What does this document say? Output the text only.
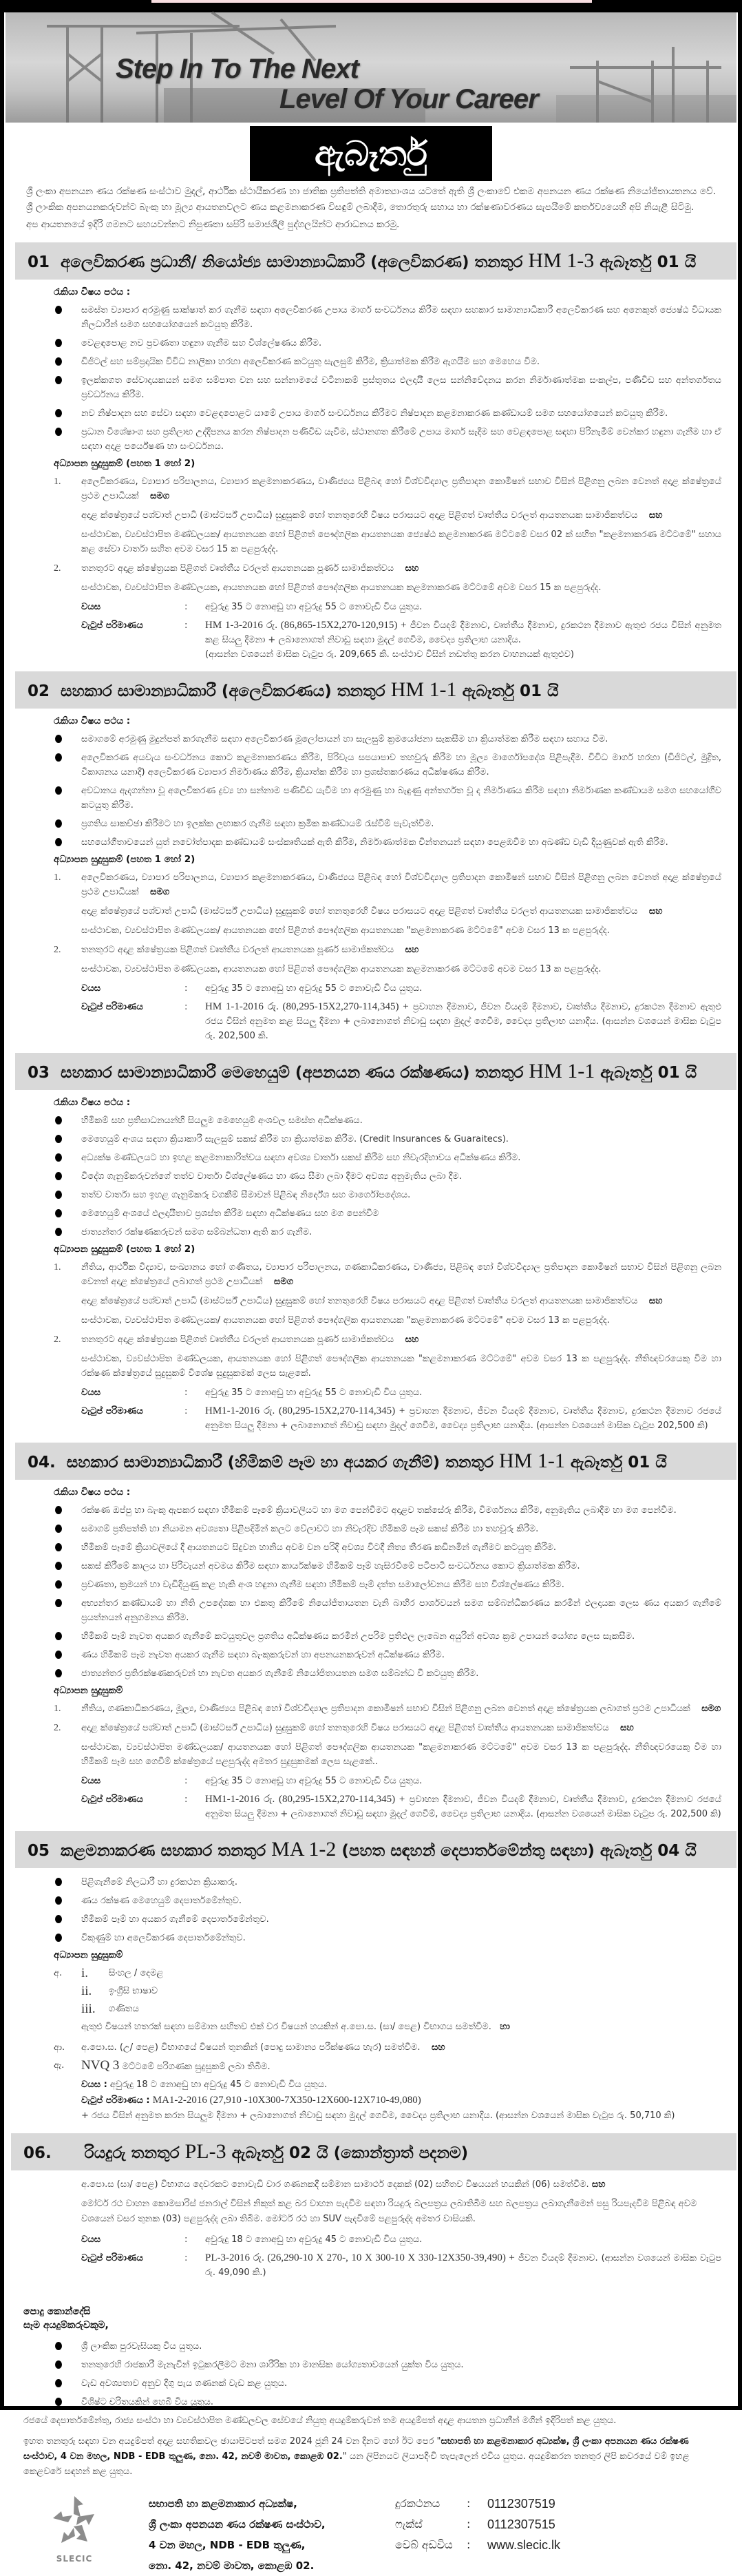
Step In To The Next
Level Of Your Career
ඇබෑර්තු

ශ්‍රී ලංකා අපනයන ණය රක්ෂණ සංස්ථාව මුදල්, ආර්ථික ස්ථායීකරණ හා ජාතික ප්‍රතිපත්ති අමාත්‍යාංශය යටතේ ඇති ශ්‍රී ලංකාවේ එකම අපනයන ණය රක්ෂණ නියෝජිතායතනය වේ. ශ්‍රී ලාංකික අපනයනකරුවන්ට බැංකු හා මූල්‍ය ආයතනවලට ණය කළමනාකරණ විසඳුම් ලබාදීම, තොරතුරු සහාය හා රක්ෂණාවරණය සැපයීමේ කර්තව්‍යයෙහි අපි නියැළී සිටිමු.

අප ආයතනයේ ඉදිරි ගමනට සහයවන්නට නිපුණතා සපිරි සමාජශීලී පුද්ගලයින්ට ආරාධනය කරමු.

01 අලෙවිකරණ ප්‍රධානී/ නියෝජ්‍ය සාමාන්‍යාධිකාරී (අලෙවිකරණ) තනතුර HM 1-3 ඇබෑර්තු 01 යි
රැකියා විෂය පථය :
සමස්ත ව්‍යාපාර අරමුණු සාක්ෂාත් කර ගැනීම සඳහා අලෙවිකරණ උපාය මාර්ග සංවර්ධනය කිරීම සඳහා සහකාර සාමාන්‍යාධිකාරී අලෙවිකරණ සහ අනෙකුත් ජ්‍යෙෂ්ඨ විධායක නිලධාරීන් සමග සහයෝගයෙන් කටයුතු කිරීම.
වෙළඳපොළ නව ප්‍රවණතා හඳුනා ගැනීම සහ විශ්ලේෂණය කිරීම.
ඩිජිටල් සහ සම්ප්‍රදායික විවිධ නාලිකා හරහා අලෙවිකරණ කටයුතු සැලසුම් කිරීම, ක්‍රියාත්මක කිරීම ඇගයීම සහ මෙහෙය වීම.
ඉලක්කගත සේවාදායකයන් සමග සම්පාත වන සහ සන්නාමයේ වටිනාකම් ප්‍රස්තුතය ඵලදායී ලෙස සන්නිවේදනය කරන නිර්මාණාත්මක සංකල්ප, පණිවිඩ සහ අන්තර්ගතය ප්‍රවර්ධනය කිරීම.
නව නිෂ්පාදන සහ සේවා සඳහා වෙළඳපොළට යාමේ උපාය මාර්ග සංවර්ධනය කිරීමට නිෂ්පාදන කළමනාකරණ කණ්ඩායම් සමග සහයෝගයෙන් කටයුතු කිරීම.
ප්‍රධාන විශේෂාංග සහ ප්‍රතිලාභ උද්දීපනය කරන නිෂ්පාදන පණිවිඩ යැවීම, ස්ථානගත කිරීමේ උපාය මාර්ග සැදීම සහ වෙළඳපොළ සඳහා පිරිනැමීම් වෙන්කර හඳුනා ගැනීම හා ඒ සඳහා අදාළ පර්යේෂණ හා සංවර්ධනය.
අධ්‍යාපන සුදුසුකම් (පහත 1 හෝ 2)
1. අලෙවිකරණය, ව්‍යාපාර පරිපාලනය, ව්‍යාපාර කළමනාකරණය, වාණිජ්‍යය පිළිබඳ හෝ විශ්වවිද්‍යාල ප්‍රතිපාදන කොමිෂන් සභාව විසින් පිළිගනු ලබන වෙනත් අදාළ ක්ෂේත්‍රයේ ප්‍රථම උපාධියක් සමග

අදාළ ක්ෂේත්‍රයේ පශ්චාත් උපාධි (මාස්ටර්ස් උපාධිය) සුදුසුකම් හෝ තනතුරෙහි විෂය පරාසයට අදාළ පිළිගත් වෘත්තීය වරලත් ආයතනයක සාමාජිකත්වය සහ

සංස්ථාවක, ව්‍යවස්ථාපිත මණ්ඩලයක/ ආයතනයක හෝ පිළිගත් පෞද්ගලික ආයතනයක ජ්‍යෙෂ්ඨ කළමනාකරණ මට්ටමේ වසර 02 ක් සහිත "කළමනාකරණ මට්ටමේ" සහාය කළ සේවා වාර්තා සහිත අවම වසර 15 ක පළපුරුද්ද.

2. තනතුරට අදාළ ක්ෂේත්‍රයක පිළිගත් වෘත්තීය වරලත් ආයතනයක පූර්ණ සාමාජිකත්වය සහ

සංස්ථාවක, ව්‍යවස්ථාපිත මණ්ඩලයක, ආයතනයක හෝ පිළිගත් පෞද්ගලික ආයතනයක කළමනාකරණ මට්ටමේ අවම වසර 15 ක පළපුරුද්ද.

වයස	:	අවුරුදු 35 ට නොඅඩු හා අවුරුදු 55 ට නොවැඩි විය යුතුය.
වැටුප් පරිමාණය	:	HM 1-3-2016 රු. (86,865-15X2,270-120,915) + ජීවන වියදම් දීමනාව, වෘත්තීය දීමනාව, දුරකථන දීමනාව ඇතුළු රජය විසින් අනුමත කළ සියලු දීමනා + ලබානොගත් නිවාඩු සඳහා මුදල් ගෙවීම, වෛද්‍ය ප්‍රතිලාභ යනාදිය.
(ආසන්න වශයෙන් මාසික වැටුප රු. 209,665 කි. සංස්ථාව විසින් නඩත්තු කරන වාහනයක් ඇතුළුව)
02 සහකාර සාමාන්‍යාධිකාරී (අලෙවිකරණය) තනතුර HM 1-1 ඇබෑර්තු 01 යි
රැකියා විෂය පථය :
සමාගමේ අරමුණු මුදුන්පත් කරගැනීම සඳහා අලෙවිකරණ මූලෝපායන් හා සැලසුම් ක්‍රමයෝජනා සැකසීම හා ක්‍රියාත්මක කිරීම සඳහා සහාය වීම.
අලෙවිකරණ අයවැය සංවර්ධනය කොට කළමනාකරණය කිරීම, පිරිවැය සපයාපාව තහවුරු කිරීම හා මූල්‍ය මාර්ගෝපදේශ පිළිපැදීම. විවිධ මාර්ග හරහා (ඩිජිටල්, මුද්‍රිත, විකාශනය යනාදී) අලෙවිකරණ ව්‍යාපාර නිර්මාණය කිරීම, ක්‍රියාත්ක කිරීම හා ප්‍රශස්තකරණය අධීක්ෂණය කිරීම.
අවධානය ඇදගන්නා වූ අලෙවිකරණ ද්‍රව්‍ය හා සන්නාම පණිවිඩ යැවීම හා අරමුණු හා බැඳුණු අන්තර්ගත වූ ද නිර්මාණය කිරීම සඳහා නිර්මාණක කණ්ඩායම සමග සහයෝගීව කටයුතු කිරීම.
ප්‍රගතිය සාකච්ඡා කිරීමට හා ඉලක්ක ලඟාකර ගැනීම සඳහා ක්‍රමික කණ්ඩායම් රැස්වීම් පැවැත්වීම.
සහයෝගීතාවයෙන් යුත් නවෝත්පාදක කණ්ඩායම් සංස්කෘතියක් ඇති කිරීම, නිර්මාණාත්මක චින්තනයන් සඳහා පෙළඹවීම හා අඛණ්ඩ වැඩි දියුණුවක් ඇති කිරීම.
අධ්‍යාපන සුදුසුකම් (පහත 1 හෝ 2)
1. අලෙවිකරණය, ව්‍යාපාර පරිපාලනය, ව්‍යාපාර කළමනාකරණය, වාණිජ්‍යය පිළිබඳ හෝ විශ්වවිද්‍යාල ප්‍රතිපාදන කොමිෂන් සභාව විසින් පිළිගනු ලබන වෙනත් අදාළ ක්ෂේත්‍රයේ ප්‍රථම උපාධියක් සමග

අදාළ ක්ෂේත්‍රයේ පශ්චාත් උපාධි (මාස්ටර්ස් උපාධිය) සුදුසුකම් හෝ තනතුරෙහි විෂය පරාසයට අදාළ පිළිගත් වෘත්තීය වරලත් ආයතනයක සාමාජිකත්වය සහ

සංස්ථාවක, ව්‍යවස්ථාපිත මණ්ඩලයක/ ආයතනයක හෝ පිළිගත් පෞද්ගලික ආයතනයක "කළමනාකරණ මට්ටමේ" අවම වසර 13 ක පළපුරුද්ද.

2. තනතුරට අදාළ ක්ෂේත්‍රයක පිළිගත් වෘත්තීය වරලත් ආයතනයක පූර්ණ සාමාජිකත්වය සහ

සංස්ථාවක, ව්‍යවස්ථාපිත මණ්ඩලයක, ආයතනයක හෝ පිළිගත් පෞද්ගලික ආයතනයක කළමනාකරණ මට්ටමේ අවම වසර 13 ක පළපුරුද්ද.

වයස	:	අවුරුදු 35 ට නොඅඩු හා අවුරුදු 55 ට නොවැඩි විය යුතුය.
වැටුප් පරිමාණය	:	HM 1-1-2016 රු. (80,295-15X2,270-114,345) + ප්‍රවාහන දීමනාව, ජීවන වියදම් දීමනාව, වෘත්තීය දීමනාව, දුරකථන දීමනාව ඇතුළු රජය විසින් අනුමත කළ සියලු දීමනා + ලබානොගත් නිවාඩු සඳහා මුදල් ගෙවීම, වෛද්‍ය ප්‍රතිලාභ යනාදිය. (ආසන්න වශයෙන් මාසික වැටුප රු. 202,500 කි.
03 සහකාර සාමාන්‍යාධිකාරී මෙහෙයුම් (අපනයන ණය රක්ෂණය) තනතුර HM 1-1 ඇබෑර්තු 01 යි
රැකියා විෂය පථය :
හිමිකම් සහ ප්‍රතිසාධනයන්හි සියලුම මෙහෙයුම් අංශවල සමස්ත අධීක්ෂණය.
මෙහෙයුම් අංශය සඳහා ක්‍රියාකාරී සැලසුම් සකස් කිරීම හා ක්‍රියාත්මක කිරීම. (Credit Insurances & Guaraitecs).
අධ්‍යක්ෂ මණ්ඩලයට හා ඉහළ කළමනාකාරිත්වය සඳහා අවශ්‍ය වාර්තා සකස් කිරීම සහ නිවැරදිභාවය අධීක්ෂණය කිරීම.
විදේශ ගැනුම්කරුවන්ගේ තත්ව වාර්තා විශ්ලේෂණය හා ණය සීමා ලබා දීමට අවශ්‍ය අනුමැතිය ලබා දීම.
තත්ව වාර්තා සහ ඉහළ ගැනුම්කරු වගකීම් සීමාවන් පිළිබඳ නිර්දේශ සහ මාර්ගෝපදේශය.
මෙහෙයුම් අංශයේ ඵලදායීතාව ප්‍රශස්ත කිරීම සඳහා අධීක්ෂණය සහ මග පෙන්වීම
ජාත්‍යන්තර රක්ෂණකරුවන් සමග සම්බන්ධතා ඇති කර ගැනීම.
අධ්‍යාපන සුදුසුකම් (පහත 1 හෝ 2)
1. නීතිය, ආර්ථික විද්‍යාව, සංඛ්‍යානය හෝ ගණිතය, ව්‍යාපාර පරිපාලනය, ගණකාධිකරණය, වාණිජ්‍ය, පිළිබඳ හෝ විශ්වවිද්‍යාල ප්‍රතිපාදන කොමිෂන් සභාව විසින් පිළිගනු ලබන වෙනත් අදාළ ක්ෂේත්‍රයේ ලබාගත් ප්‍රථම උපාධියක් සමග

අදාළ ක්ෂේත්‍රයේ පශ්චාත් උපාධි (මාස්ටර්ස් උපාධිය) සුදුසුකම් හෝ තනතුරෙහි විෂය පරාසයට අදාළ පිළිගත් වෘත්තීය වරලත් ආයතනයක සාමාජිකත්වය සහ

සංස්ථාවක, ව්‍යවස්ථාපිත මණ්ඩලයක/ ආයතනයක හෝ පිළිගත් පෞද්ගලික ආයතනයක "කළමනාකරණ මට්ටමේ" අවම වසර 13 ක පළපුරුද්ද.

2. තනතුරට අදාළ ක්ෂේත්‍රයක පිළිගත් වෘත්තීය වරලත් ආයතනයක පූර්ණ සාමාජිකත්වය සහ

සංස්ථාවක, ව්‍යවස්ථාපිත මණ්ඩලයක, ආයතනයක හෝ පිළිගත් පෞද්ගලික ආයතනයක "කළමනාකරණ මට්ටමේ" අවම වසර 13 ක පළපුරුද්ද. නීතිඥවරයෙකු වීම හා රක්ෂණ ක්ෂේත්‍රයේ සුදුසුකම් විශේෂ සුදුසුකමක් ලෙස සැළකේ.

වයස	:	අවුරුදු 35 ට නොඅඩු හා අවුරුදු 55 ට නොවැඩි විය යුතුය.
වැටුප් පරිමාණය	:	HM1-1-2016 රු. (80,295-15X2,270-114,345) + ප්‍රවාහන දීමනාව, ජීවන වියදම් දීමනාව, වෘත්තීය දීමනාව, දුරකථන දීමනාව රජයේ අනුමත සියලු දීමනා + ලබානොගත් නිවාඩු සඳහා මුදල් ගෙවීම, වෛද්‍ය ප්‍රතිලාභ යනාදිය. (ආසන්න වශයෙන් මාසික වැටුප 202,500 කි)
04. සහකාර සාමාන්‍යාධිකාරී (හිමිකම් පෑම හා අයකර ගැනීම්) තනතුර HM 1-1 ඇබෑර්තු 01 යි
රැකියා විෂය පථය :
රක්ෂණ ඔප්පු හා බැංකු ඇපකර සඳහා හිමිකම් පෑමේ ක්‍රියාවලියට හා මග පෙන්වීමට අදාළව තක්සේරු කිරීම, විමර්ශනය කිරීම, අනුමැතිය ලබාදීම හා මග පෙන්වීම.
සමාගම් ප්‍රතිපත්ති හා නියාමන අවශ්‍යතා පිළිපදිමින් කලට වේලාවට හා නිවැරදිව හිමිකම් පෑම සකස් කිරීම හා තහවුරු කිරීම.
හිමිකම් පෑමේ ක්‍රියාවලියේ දී ආයතනයට සිදුවන හානිය අවම වන පරිදි අවශ්‍ය විටදී නිත්‍ය තීරණ කඩිනමින් ගැනීමට කටයුතු කිරීම.
සකස් කිරීමේ කාලය හා පිරිවැයන් අවමය කිරීම සඳහා කාර්යක්ෂම හිමිකම් පෑම් හැසිරවීමේ පටිපාටි සංවර්ධනය කොට ක්‍රියාත්මක කිරීම.
ප්‍රවණතා, ක්‍රමයන් හා වැඩිදියුණු කළ හැකි අංශ හඳුනා ගැනීම සඳහා හිමිකම් පෑම් දත්ත සමාලෝචනය කිරීම සහ විශ්ලේෂණය කිරීම.
අභ්‍යන්තර කණ්ඩායම් හා නීති උපදේශක හා එකතු කිරීමේ නියෝජිතායතන වැනි බාහිර පාර්ශවයන් සමග සම්බන්ධීකරණය කරමින් ඵලදායක ලෙස ණය අයකර ගැනීමේ ප්‍රයත්නයන් අනුගමනය කිරීම.
හිමිකම් පෑම් නැවත අයකර ගැනීමේ කටයුතුවල ප්‍රගතිය අධීක්ෂණය කරමින් උපරිම ප්‍රතිඵල ලැබෙන අයුරින් අවශ්‍ය ක්‍රම උපායන් යෝග්‍ය ලෙස සැකසීම.
ණය හිමිකම් පෑම නැවත අයකර ගැනීම සඳහා බැංකුකරුවන් හා අපනයනකරුවන් අධීක්ෂණය කිරීම.
ජාත්‍යන්තර ප්‍රතිරක්ෂණකරුවන් හා නැවත අයකර ගැනීමේ නියෝජිතායතන සමග සම්බන්ධ වී කටයුතු කිරීම.
අධ්‍යාපන සුදුසුකම්
1. නීතිය, ගණකාධිකරණය, මූල්‍ය, වාණිජ්‍යය පිළිබඳ හෝ විශ්වවිද්‍යාල ප්‍රතිපාදන කොමිෂන් සභාව විසින් පිළිගනු ලබන වෙනත් අදාළ ක්ෂේත්‍රයක ලබාගත් ප්‍රථම උපාධියක් සමග

2. අදාළ ක්ෂේත්‍රයේ පශ්චාත් උපාධි (මාස්ටර්ස් උපාධිය) සුදුසුකම් හෝ තනතුරෙහි විෂය පරාසයට අදාළ පිළිගත් වෘත්තීය ආයතනයක සාමාජිකත්වය සහ

සංස්ථාවක, ව්‍යවස්ථාපිත මණ්ඩලයක/ ආයතනයක හෝ පිළිගත් පෞද්ගලික ආයතනයක "කළමනාකරණ මට්ටමේ" අවම වසර 13 ක පළපුරුද්ද. නීතිඥවරයෙකු වීම හා හිමිකම් පෑම සහ ගෙවීම් ක්ෂේත්‍රයේ පළපුරුද්ද අමතර සුදුසුකමක් ලෙස සැළකේ..

වයස	:	අවුරුදු 35 ට නොඅඩු හා අවුරුදු 55 ට නොවැඩි විය යුතුය.
වැටුප් පරිමාණය	:	HM1-1-2016 රු. (80,295-15X2,270-114,345) + ප්‍රවාහන දීමනාව, ජීවන වියදම් දීමනාව, වෘත්තීය දීමනාව, දුරකථන දීමනාව රජයේ අනුමත සියලු දීමනා + ලබානොගත් නිවාඩු සඳහා මුදල් ගෙවීම්, වෛද්‍ය ප්‍රතිලාභ යනාදිය. (ආසන්න වශයෙන් මාසික වැටුප රු. 202,500 කි)
05 කළමනාකරණ සහකාර තනතුර MA 1-2 (පහත සඳහන් දෙපාර්තමේන්තු සඳහා) ඇබෑර්තු 04 යි
පිළිගැනීමේ නිලධාරී හා දුරකථන ක්‍රියාකරු.
ණය රක්ෂණ මෙහෙයුම් දෙපාර්තමේන්තුව.
හිමිකම් පෑම් හා අයකර ගැනීමේ දෙපාර්තමේන්තුව.
විකුණුම් හා අලෙවිකරණ දෙපාර්තමේන්තුව.
අධ්‍යාපන සුදුසුකම්
අ.	i.	සිංහල / දෙමළ
ii.	ඉංග්‍රීසි භාෂාව
iii.	ගණිතය
ඇතුළු විෂයන් හතරක් සඳහා සම්මාන සහිතව එක් වර විෂයන් හයකින් අ.පො.ස. (සා/ පෙළ) විභාගය සමත්වීම. හා
ආ.	අ.පො.ස. (උ/ පෙළ) විභාගයේ විෂයන් තුනකින් (පොදු සාමාන්‍ය පරීක්ෂණය හැර) සමත්වීම. සහ
ඇ.	NVQ 3 මට්ටමේ පරිගණක සුදුසුකම් ලබා තිබීම.
වයස : අවුරුදු 18 ට නොඅඩු හා අවුරුදු 45 ට නොවැඩි විය යුතුය.
වැටුප් පරිමාණය : MA1-2-2016 (27,910 -10X300-7X350-12X600-12X710-49,080)
+ රජය විසින් අනුමත කරන සියලුම දීමනා + ලබානොගත් නිවාඩු සඳහා මුදල් ගෙවීම, වෛද්‍ය ප්‍රතිලාභ යනාදිය. (ආසන්න වශයෙන් මාසික වැටුප රු. 50,710 කි)
06. රියදුරු තනතුර PL-3 ඇබෑර්තු 02 යි (කොන්ත්‍රාත් පදනම)

අ.පො.ස (සා/ පෙළ) විභාගය දෙවරකට නොවැඩි වාර ගණනකදී සම්මාන සාමාර්ථ දෙකක් (02) සහිතව විෂයයන් හයකින් (06) සමත්වීම. සහ

මෝටර් රථ වාහන කොමසාරිස් ජනරාල් විසින් නිකුත් කළ බර වාහන පැදවීම සඳහා රියදුරු බලපත්‍රය ලබාතිබීම සහ බලපත්‍රය ලබාගැනීමෙන් පසු රියපැදවීම පිළිබඳ අවම වශයෙන් වසර තුනක (03) පළපුරුද්ද ලබා තිබීම. මෝටර් රථ හා SUV පැදවීමේ පළපුරුද්ද අමතර වාසියකි.

වයස	:	අවුරුදු 18 ට නොඅඩු හා අවුරුදු 45 ට නොවැඩි විය යුතුය.
වැටුප් පරිමාණය	:	PL-3-2016 රු. (26,290-10 X 270-, 10 X 300-10 X 330-12X350-39,490) + ජීවන වියදම් දීමනාව. (ආසන්න වශයෙන් මාසික වැටුප රු. 49,090 කි.)
පොදු කොන්දේසි
සෑම අයදුම්කරුවකුම,
ශ්‍රී ලාංකික පුරවැසියකු විය යුතුය.
තනතුරෙහි රාජකාරී මැනැවින් ඉටුකරලීමට මනා ශාරීරික හා මානසික යෝග්‍යතාවයෙන් යුක්ත විය යුතුය.
වැඩ අවශ්‍යතාව අනුව දිගු පැය ගණනක් වැඩ කළ යුතුය.
විශිෂ්ට චරිතයකින් හෙබි විය යුතුය.

රජයේ දෙපාර්තමේන්තු, රාජ්‍ය සංස්ථා හා ව්‍යවස්ථාපිත මණ්ඩලවල සේවයේ නියුතු අයදුම්කරුවන් තම අයදුම්පත් අදාළ ආයතන ප්‍රධානීන් මගින් ඉදිරිපත් කළ යුතුය.

ඉහත තනතුරු සඳහා වන අයදුම්පත් අදාළ සහතිකවල ඡායාපිටපත් සමග 2024 ජූනි 24 වන දිනට හෝ ඊට පෙර "සභාපති හා කළමනාකාර අධ්‍යක්ෂ, ශ්‍රී ලංකා අපනයන ණය රක්ෂණ සංස්ථාව, 4 වන මහල, NDB - EDB තුලුණ, නො. 42, නවම් මාවත, කොළඹ 02." යන ලිපිනයට ලියාපදිංචි තැපැලෙන් එවිය යුතුය. අයදුම්කරන තනතුර ලිපි කවරයේ වම් ඉහළ කෙළවරේ සඳහන් කළ යුතුය.

SLECIC
සභාපති හා කළමනාකාර අධ්‍යක්ෂ,
ශ්‍රී ලංකා අපනයන ණය රක්ෂණ සංස්ථාව,
4 වන මහල, NDB - EDB තුලුණ,
නො. 42, නවම් මාවත, කොළඹ 02.
දුරකථනය	:	0112307519
ෆැක්ස්	:	0112307515
වෙබ් අඩවිය	:	www.slecic.lk
